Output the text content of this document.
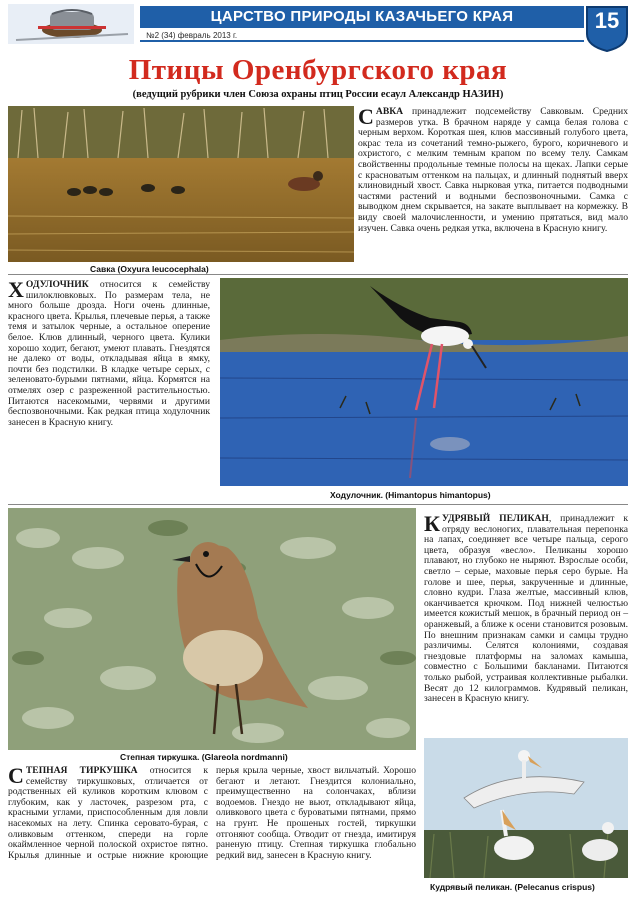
ЦАРСТВО ПРИРОДЫ КАЗАЧЬЕГО КРАЯ
№2 (34) февраль 2013 г.
15
Птицы Оренбургского края
(ведущий рубрики член Союза охраны птиц России есаул Александр НАЗИН)
Савка (Oxyura leucocephala)
САВКА принадлежит подсемейству Савковым. Средних размеров утка. В брачном наряде у самца белая голова с черным верхом. Короткая шея, клюв массивный голубого цвета, окрас тела из сочетаний темно-рыжего, бурого, коричневого и охристого, с мелким темным крапом по всему телу. Самкам свойственны продольные темные полосы на щеках. Лапки серые с красноватым оттенком на пальцах, и длинный поднятый вверх клиновидный хвост. Савка нырковая утка, питается подводными частями растений и водными беспозвоночными. Самка с выводком днем скрывается, на закате выплывает на кормежку. В виду своей малочисленности, и умению прятаться, вид мало изучен. Савка очень редкая утка, включена в Красную книгу.
ХОДУЛОЧНИК относится к семейству шилоклювковых. По размерам тела, не много больше дрозда. Ноги очень длинные, красного цвета. Крылья, плечевые перья, а также темя и затылок черные, а остальное оперение белое. Клюв длинный, черного цвета. Кулики хорошо ходит, бегают, умеют плавать. Гнездятся не далеко от воды, откладывая яйца в ямку, почти без подстилки. В кладке четыре серых, с зеленовато-бурыми пятнами, яйца. Кормятся на отмелях озер с разреженной растительностью. Питаются насекомыми, червями и другими беспозвоночными. Как редкая птица ходулочник занесен в Красную книгу.
Ходулочник. (Himantopus himantopus)
Степная тиркушка. (Glareola nordmanni)
КУДРЯВЫЙ ПЕЛИКАН, принадлежит к отряду веслоногих, плавательная перепонка на лапах, соединяет все четыре пальца, серого цвета, образуя «весло». Пеликаны хорошо плавают, но глубоко не ныряют. Взрослые особи, светло – серые, маховые перья серо бурые. На голове и шее, перья, закрученные и длинные, словно кудри. Глаза желтые, массивный клюв, оканчивается крючком. Под нижней челюстью имеется кожистый мешок, в брачный период он – оранжевый, а ближе к осени становится розовым. По внешним признакам самки и самцы трудно различимы. Селятся колониями, создавая гнездовые платформы на заломах камыша, совместно с Большими бакланами. Питаются только рыбой, устраивая коллективные рыбалки. Весят до 12 килограммов. Кудрявый пеликан, занесен в Красную книгу.
Кудрявый пеликан. (Pelecanus crispus)
СТЕПНАЯ ТИРКУШКА относится к семейству тиркушковых, отличается от родственных ей куликов коротким клювом с глубоким, как у ласточек, разрезом рта, с красными углами, приспособленным для ловли насекомых на лету. Спинка серовато-бурая, с оливковым оттенком, спереди на горле окаймленное черной полоской охристое пятно. Крылья длинные и острые нижние кроющие перья крыла черные, хвост вильчатый. Хорошо бегают и летают. Гнездится колониально, преимущественно на солончаках, вблизи водоемов. Гнездо не вьют, откладывают яйца, оливкового цвета с буроватыми пятнами, прямо на грунт. Не прошеных гостей, тиркушки отгоняют сообща. Отводит от гнезда, имитируя раненую птицу. Степная тиркушка глобально редкий вид, занесен в Красную книгу.
